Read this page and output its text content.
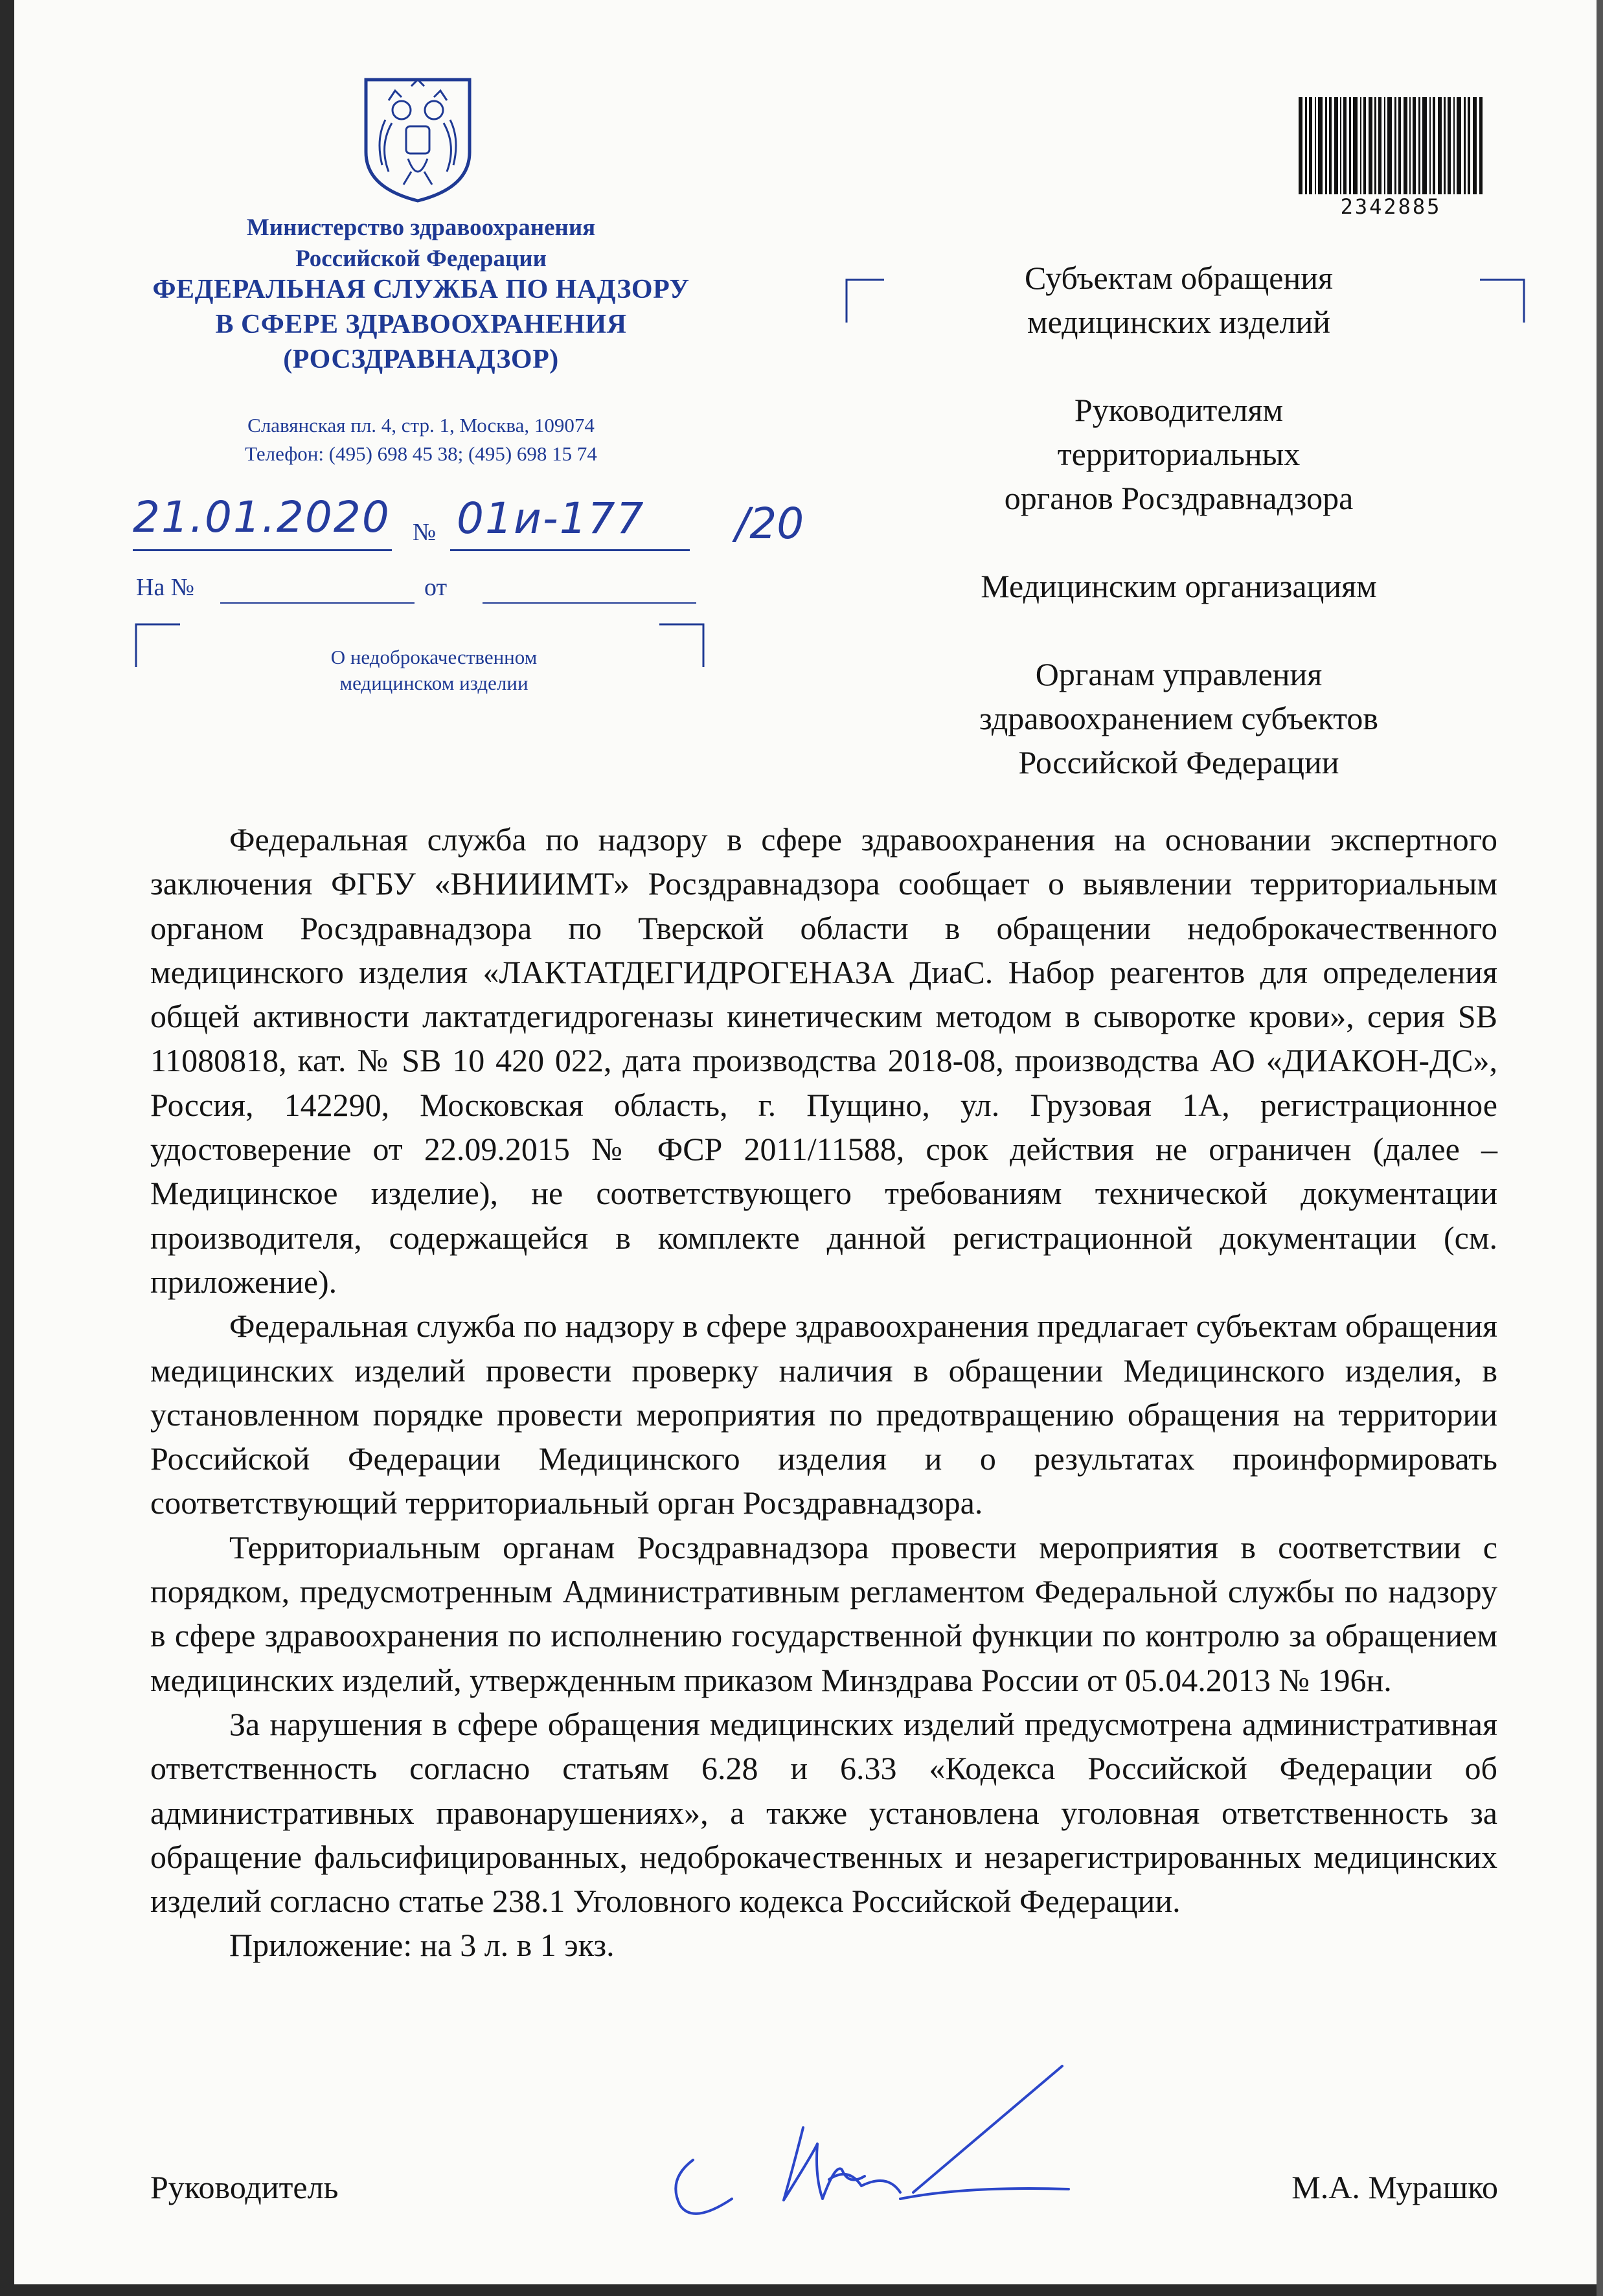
Министерство здравоохранения
Российской Федерации
ФЕДЕРАЛЬНАЯ СЛУЖБА ПО НАДЗОРУ
В СФЕРЕ ЗДРАВООХРАНЕНИЯ
(РОСЗДРАВНАДЗОР)
Славянская пл. 4, стр. 1, Москва, 109074
Телефон: (495) 698 45 38; (495) 698 15 74
21.01.2020 № 01и-177 /20
На №	от
О недоброкачественном
медицинском изделии
2342885

Субъектам обращения

медицинских изделий

Руководителям

территориальных

органов Росздравнадзора

Медицинским организациям

Органам управления

здравоохранением субъектов

Российской Федерации

Федеральная служба по надзору в сфере здравоохранения на основании экспертного заключения ФГБУ «ВНИИИМТ» Росздравнадзора сообщает о выявлении территориальным органом Росздравнадзора по Тверской области в обращении недоброкачественного медицинского изделия «ЛАКТАТДЕГИДРОГЕНАЗА ДиаС. Набор реагентов для определения общей активности лактатдегидрогеназы кинетическим методом в сыворотке крови», серия SB 11080818, кат. № SB 10 420 022, дата производства 2018-08, производства АО «ДИАКОН-ДС», Россия, 142290, Московская область, г. Пущино, ул. Грузовая 1А, регистрационное удостоверение от 22.09.2015 № ФСР 2011/11588, срок действия не ограничен (далее – Медицинское изделие), не соответствующего требованиям технической документации производителя, содержащейся в комплекте данной регистрационной документации (см. приложение).

Федеральная служба по надзору в сфере здравоохранения предлагает субъектам обращения медицинских изделий провести проверку наличия в обращении Медицинского изделия, в установленном порядке провести мероприятия по предотвращению обращения на территории Российской Федерации Медицинского изделия и о результатах проинформировать соответствующий территориальный орган Росздравнадзора.

Территориальным органам Росздравнадзора провести мероприятия в соответствии с порядком, предусмотренным Административным регламентом Федеральной службы по надзору в сфере здравоохранения по исполнению государственной функции по контролю за обращением медицинских изделий, утвержденным приказом Минздрава России от 05.04.2013 № 196н.

За нарушения в сфере обращения медицинских изделий предусмотрена административная ответственность согласно статьям 6.28 и 6.33 «Кодекса Российской Федерации об административных правонарушениях», а также установлена уголовная ответственность за обращение фальсифицированных, недоброкачественных и незарегистрированных медицинских изделий согласно статье 238.1 Уголовного кодекса Российской Федерации.

Приложение: на 3 л. в 1 экз.

Руководитель	М.А. Мурашко
